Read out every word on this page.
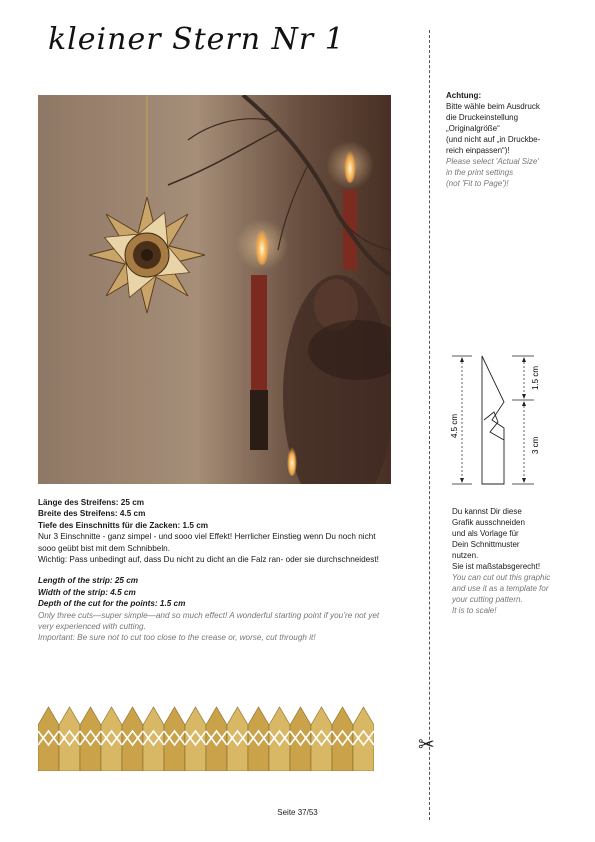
kleiner Stern Nr 1
✂
Achtung:
Bitte wähle beim Ausdruck
die Druckeinstellung
„Originalgröße“
(und nicht auf „in Druckbe-
reich einpassen“)!
Please select 'Actual Size'
in the print settings
(not 'Fit to Page')!
4.5 cm
1.5 cm
3 cm
Du kannst Dir diese
Grafik ausschneiden
und als Vorlage für
Dein Schnittmuster
nutzen.
Sie ist maßstabsgerecht!
You can cut out this graphic
and use it as a template for
your cutting pattern.
It is to scale!
Länge des Streifens: 25 cm
Breite des Streifens: 4.5 cm
Tiefe des Einschnitts für die Zacken: 1.5 cm
Nur 3 Einschnitte - ganz simpel - und sooo viel Effekt! Herrlicher Einstieg wenn Du noch nicht sooo geübt bist mit dem Schnibbeln.
Wichtig: Pass unbedingt auf, dass Du nicht zu dicht an die Falz ran- oder sie durchschneidest!
Length of the strip: 25 cm
Width of the strip: 4.5 cm
Depth of the cut for the points: 1.5 cm
Only three cuts—super simple—and so much effect! A wonderful starting point if you’re not yet very experienced with cutting.
Important: Be sure not to cut too close to the crease or, worse, cut through it!
Seite 37/53
